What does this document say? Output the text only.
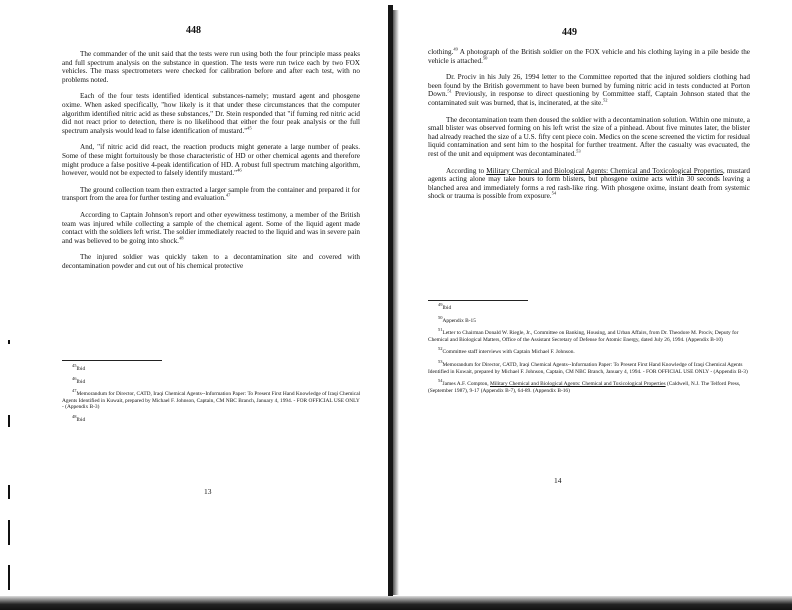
448

The commander of the unit said that the tests were run using both the four principle mass peaks and full spectrum analysis on the substance in question. The tests were run twice each by two FOX vehicles. The mass spectrometers were checked for calibration before and after each test, with no problems noted.

Each of the four tests identified identical substances-namely; mustard agent and phosgene oxime. When asked specifically, "how likely is it that under these circumstances that the computer algorithm identified nitric acid as these substances," Dr. Stein responded that "if fuming red nitric acid did not react prior to detection, there is no likelihood that either the four peak analysis or the full spectrum analysis would lead to false identification of mustard."$^{45}$

And, "if nitric acid did react, the reaction products might generate a large number of peaks. Some of these might fortuitously be those characteristic of HD or other chemical agents and therefore might produce a false positive 4-peak identification of HD. A robust full spectrum matching algorithm, however, would not be expected to falsely identify mustard."$^{46}$

The ground collection team then extracted a larger sample from the container and prepared it for transport from the area for further testing and evaluation.$^{47}$

According to Captain Johnson's report and other eyewitness testimony, a member of the British team was injured while collecting a sample of the chemical agent. Some of the liquid agent made contact with the soldiers left wrist. The soldier immediately reacted to the liquid and was in severe pain and was believed to be going into shock.$^{48}$

The injured soldier was quickly taken to a decontamination site and covered with decontamination powder and cut out of his chemical protective

$^{45}$Ibid
$^{46}$Ibid
$^{47}$Memorandum for Director, CATD, Iraqi Chemical Agents--Information Paper: To Present First Hand Knowledge of Iraqi Chemical Agents Identified in Kuwait, prepared by Michael F. Johnson, Captain, CM NBC Branch, January 4, 1994. - FOR OFFICIAL USE ONLY - (Appendix B-3)
$^{48}$Ibid
13
449

clothing.$^{49}$ A photograph of the British soldier on the FOX vehicle and his clothing laying in a pile beside the vehicle is attached.$^{50}$

Dr. Prociv in his July 26, 1994 letter to the Committee reported that the injured soldiers clothing had been found by the British government to have been burned by fuming nitric acid in tests conducted at Porton Down.$^{51}$ Previously, in response to direct questioning by Committee staff, Captain Johnson stated that the contaminated suit was burned, that is, incinerated, at the site.$^{52}$

The decontamination team then doused the soldier with a decontamination solution. Within one minute, a small blister was observed forming on his left wrist the size of a pinhead. About five minutes later, the blister had already reached the size of a U.S. fifty cent piece coin. Medics on the scene screened the victim for residual liquid contamination and sent him to the hospital for further treatment. After the casualty was evacuated, the rest of the unit and equipment was decontaminated.$^{53}$

According to Military Chemical and Biological Agents: Chemical and Toxicological Properties, mustard agents acting alone may take hours to form blisters, but phosgene oxime acts within 30 seconds leaving a blanched area and immediately forms a red rash-like ring. With phosgene oxime, instant death from systemic shock or trauma is possible from exposure.$^{54}$

$^{49}$Ibid
$^{50}$Appendix B-15
$^{51}$Letter to Chairman Donald W. Riegle, Jr., Committee on Banking, Housing, and Urban Affairs, from Dr. Theodore M. Prociv, Deputy for Chemical and Biological Matters, Office of the Assistant Secretary of Defense for Atomic Energy, dated July 26, 1994. (Appendix B-10)
$^{52}$Committee staff interviews with Captain Michael F. Johnson.
$^{53}$Memorandum for Director, CATD, Iraqi Chemical Agents--Information Paper: To Present First Hand Knowledge of Iraqi Chemical Agents Identified in Kuwait, prepared by Michael F. Johnson, Captain, CM NBC Branch, January 4, 1994. - FOR OFFICIAL USE ONLY - (Appendix B-3)
$^{54}$James A.F. Compton, Military Chemical and Biological Agents: Chemical and Toxicological Properties (Caldwell, N.J. The Telford Press, (September 1987), 9-17 (Appendix B-7), 64-89. (Appendix B-16)
14
